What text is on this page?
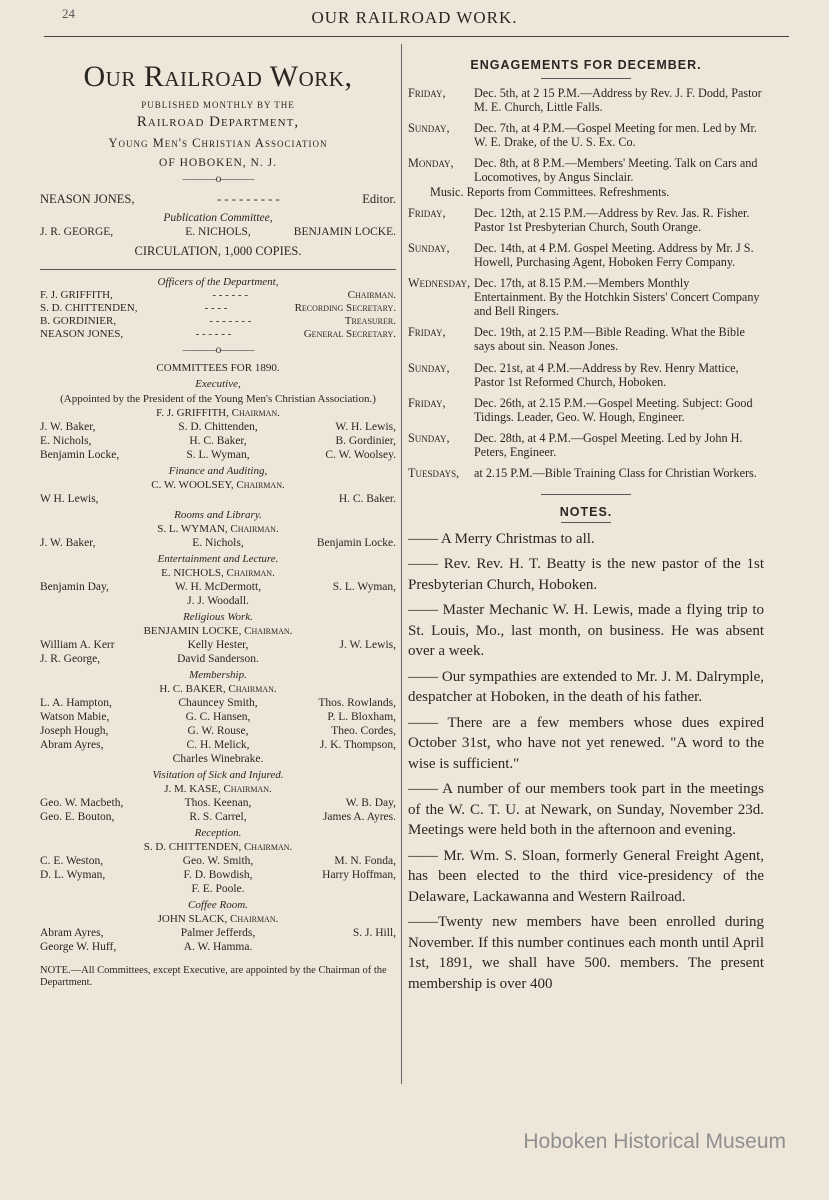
24	OUR RAILROAD WORK.
Our Railroad Work,
PUBLISHED MONTHLY BY THE
Railroad Department,
Young Men's Christian Association
OF HOBOKEN, N. J.
———o———
NEASON JONES,	- - - - - - - - -	Editor.
Publication Committee,
J. R. GEORGE,	E. NICHOLS,	BENJAMIN LOCKE.
CIRCULATION, 1,000 COPIES.
Officers of the Department,
F. J. GRIFFITH,	- - - - - -	Chairman.
S. D. CHITTENDEN,	- - - -	Recording Secretary.
B. GORDINIER,	- - - - - - -	Treasurer.
NEASON JONES,	- - - - - -	General Secretary.
———o———
COMMITTEES FOR 1890.
Executive,
(Appointed by the President of the Young Men's Christian Association.)
F. J. GRIFFITH, Chairman.
J. W. Baker,	S. D. Chittenden,	W. H. Lewis,
E. Nichols,	H. C. Baker,	B. Gordinier,
Benjamin Locke,	S. L. Wyman,	C. W. Woolsey.
Finance and Auditing,
C. W. WOOLSEY, Chairman.
W H. Lewis,	H. C. Baker.
Rooms and Library.
S. L. WYMAN, Chairman.
J. W. Baker,	E. Nichols,	Benjamin Locke.
Entertainment and Lecture.
E. NICHOLS, Chairman.
Benjamin Day,	W. H. McDermott,	S. L. Wyman,
J. J. Woodall.
Religious Work.
BENJAMIN LOCKE, Chairman.
William A. Kerr	Kelly Hester,	J. W. Lewis,
J. R. George,	David Sanderson.
Membership.
H. C. BAKER, Chairman.
L. A. Hampton,	Chauncey Smith,	Thos. Rowlands,
Watson Mabie,	G. C. Hansen,	P. L. Bloxham,
Joseph Hough,	G. W. Rouse,	Theo. Cordes,
Abram Ayres,	C. H. Melick,	J. K. Thompson,
Charles Winebrake.
Visitation of Sick and Injured.
J. M. KASE, Chairman.
Geo. W. Macbeth,	Thos. Keenan,	W. B. Day,
Geo. E. Bouton,	R. S. Carrel,	James A. Ayres.
Reception.
S. D. CHITTENDEN, Chairman.
C. E. Weston,	Geo. W. Smith,	M. N. Fonda,
D. L. Wyman,	F. D. Bowdish,	Harry Hoffman,
F. E. Poole.
Coffee Room.
JOHN SLACK, Chairman.
Abram Ayres,	Palmer Jefferds,	S. J. Hill,
George W. Huff,	A. W. Hamma.
NOTE.—All Committees, except Executive, are appointed by the Chairman of the Department.
ENGAGEMENTS FOR DECEMBER.
Friday,	Dec. 5th, at 2 15 P.M.—Address by Rev. J. F. Dodd, Pastor M. E. Church, Little Falls.
Sunday,	Dec. 7th, at 4 P.M.—Gospel Meeting for men. Led by Mr. W. E. Drake, of the U. S. Ex. Co.
Monday,	Dec. 8th, at 8 P.M.—Members' Meeting. Talk on Cars and Locomotives, by Angus Sinclair.
Music. Reports from Committees. Refreshments.
Friday,	Dec. 12th, at 2.15 P.M.—Address by Rev. Jas. R. Fisher. Pastor 1st Presbyterian Church, South Orange.
Sunday,	Dec. 14th, at 4 P.M. Gospel Meeting. Address by Mr. J S. Howell, Purchasing Agent, Hoboken Ferry Company.
Wednesday, Dec. 17th, at 8.15 P.M.—Members Monthly Entertainment. By the Hotchkin Sisters' Concert Company and Bell Ringers.
Friday,	Dec. 19th, at 2.15 P.M—Bible Reading. What the Bible says about sin. Neason Jones.
Sunday,	Dec. 21st, at 4 P.M.—Address by Rev. Henry Mattice, Pastor 1st Reformed Church, Hoboken.
Friday,	Dec. 26th, at 2.15 P.M.—Gospel Meeting. Subject: Good Tidings. Leader, Geo. W. Hough, Engineer.
Sunday,	Dec. 28th, at 4 P.M.—Gospel Meeting. Led by John H. Peters, Engineer.
Tuesdays,	at 2.15 P.M.—Bible Training Class for Christian Workers.
NOTES.
—— A Merry Christmas to all.
—— Rev. Rev. H. T. Beatty is the new pastor of the 1st Presbyterian Church, Hoboken.
—— Master Mechanic W. H. Lewis, made a flying trip to St. Louis, Mo., last month, on business. He was absent over a week.
—— Our sympathies are extended to Mr. J. M. Dalrymple, despatcher at Hoboken, in the death of his father.
—— There are a few members whose dues expired October 31st, who have not yet renewed. "A word to the wise is sufficient."
—— A number of our members took part in the meetings of the W. C. T. U. at Newark, on Sunday, November 23d. Meetings were held both in the afternoon and evening.
—— Mr. Wm. S. Sloan, formerly General Freight Agent, has been elected to the third vice-presidency of the Delaware, Lackawanna and Western Railroad.
——Twenty new members have been enrolled during November. If this number continues each month until April 1st, 1891, we shall have 500. members. The present membership is over 400
Hoboken Historical Museum
